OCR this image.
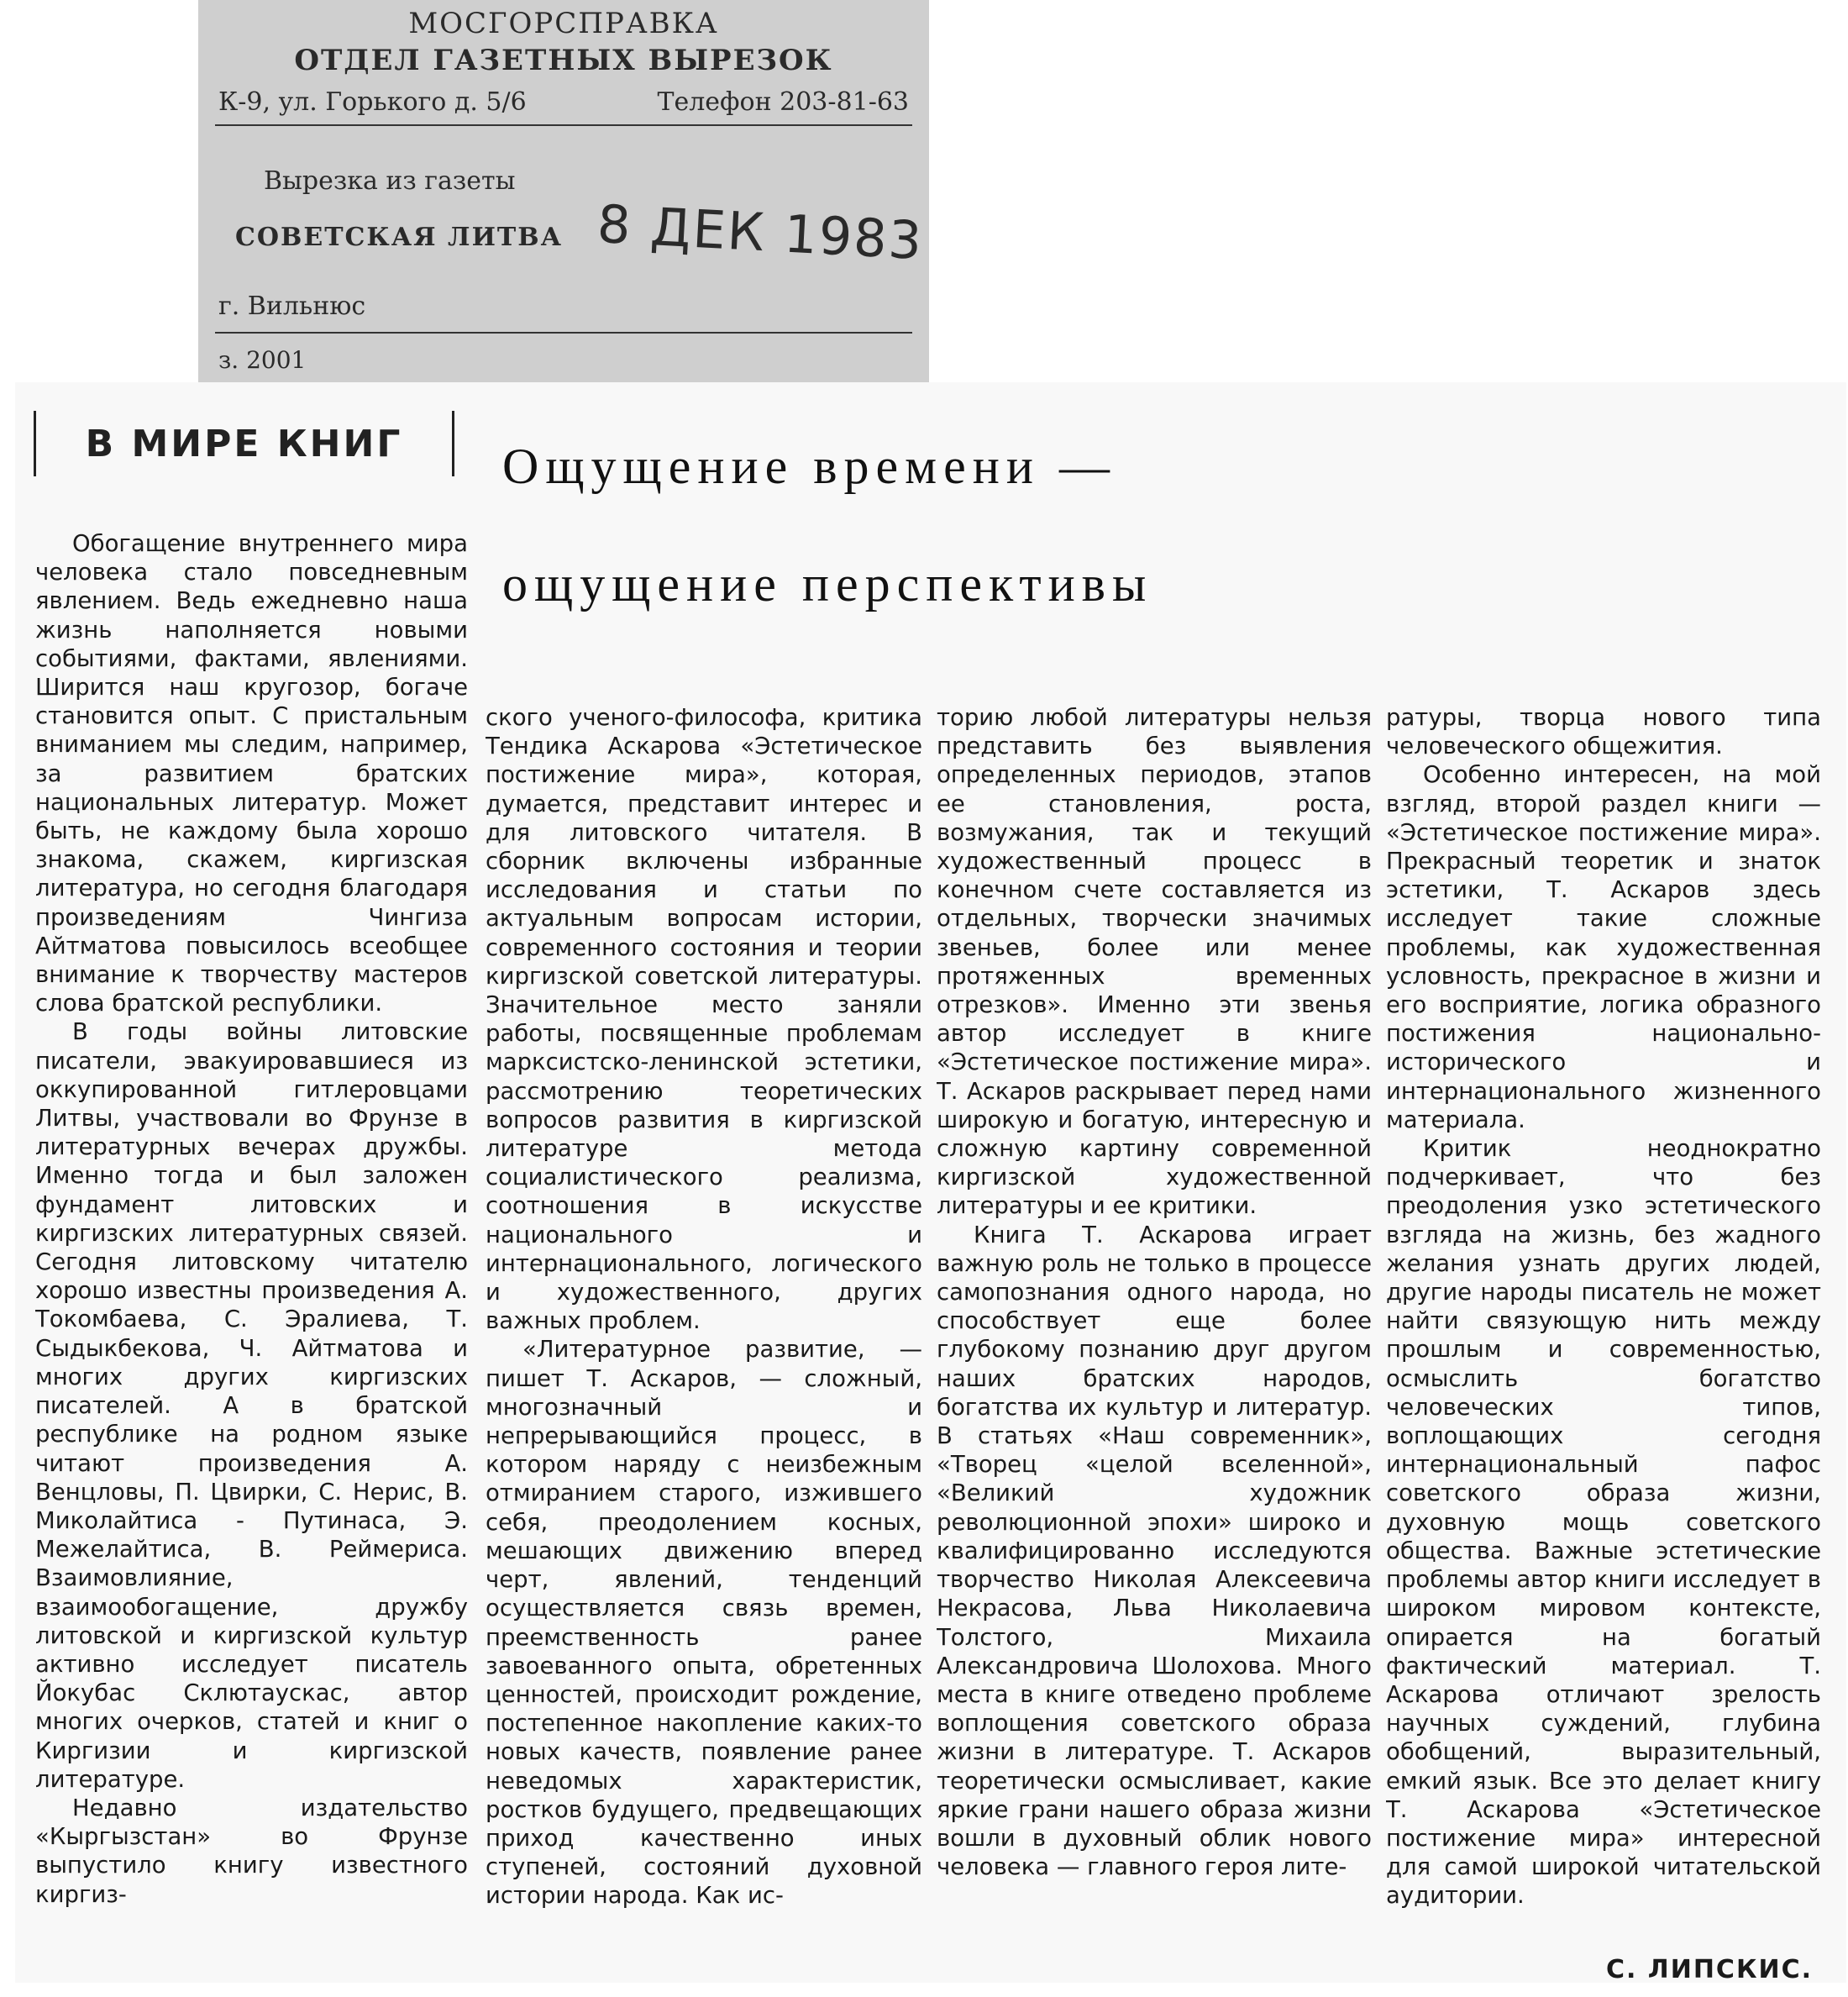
МОСГОРСПРАВКА
ОТДЕЛ ГАЗЕТНЫХ ВЫРЕЗОК
К-9, ул. Горького д. 5/6	Телефон 203-81-63
Вырезка из газеты
СОВЕТСКАЯ ЛИТВА 8 ДЕК 1983
г. Вильнюс
з. 2001
В МИРЕ КНИГ Ощущение времени —
ощущение перспективы

Обогащение внутреннего мира человека стало повседневным явлением. Ведь ежедневно наша жизнь наполняется новыми событиями, фактами, явлениями. Ширится наш кругозор, богаче становится опыт. С пристальным вниманием мы следим, например, за развитием братских национальных литератур. Может быть, не каждому была хорошо знакома, скажем, киргизская литература, но сегодня благодаря произведениям Чингиза Айтматова повысилось всеобщее внимание к творчеству мастеров слова братской республики.

В годы войны литовские писатели, эвакуировавшиеся из оккупированной гитлеровцами Литвы, участвовали во Фрунзе в литературных вечерах дружбы. Именно тогда и был заложен фундамент литовских и киргизских литературных связей. Сегодня литовскому читателю хорошо известны произведения А. Токомбаева, С. Эралиева, Т. Сыдыкбекова, Ч. Айтматова и многих других киргизских писателей. А в братской республике на родном языке читают произведения А. Венцловы, П. Цвирки, С. Нерис, В. Миколайтиса - Путинаса, Э. Межелайтиса, В. Реймериса. Взаимовлияние, взаимообогащение, дружбу литовской и киргизской культур активно исследует писатель Йокубас Склютаускас, автор многих очерков, статей и книг о Киргизии и киргизской литературе.

Недавно издательство «Кыргызстан» во Фрунзе выпустило книгу известного киргиз-

ского ученого-философа, критика Тендика Аскарова «Эстетическое постижение мира», которая, думается, представит интерес и для литовского читателя. В сборник включены избранные исследования и статьи по актуальным вопросам истории, современного состояния и теории киргизской советской литературы. Значительное место заняли работы, посвященные проблемам марксистско-ленинской эстетики, рассмотрению теоретических вопросов развития в киргизской литературе метода социалистического реализма, соотношения в искусстве национального и интернационального, логического и художественного, других важных проблем.

«Литературное развитие, — пишет Т. Аскаров, — сложный, многозначный и непрерывающийся процесс, в котором наряду с неизбежным отмиранием старого, изжившего себя, преодолением косных, мешающих движению вперед черт, явлений, тенденций осуществляется связь времен, преемственность ранее завоеванного опыта, обретенных ценностей, происходит рождение, постепенное накопление каких-то новых качеств, появление ранее неведомых характеристик, ростков будущего, предвещающих приход качественно иных ступеней, состояний духовной истории народа. Как ис-

торию любой литературы нельзя представить без выявления определенных периодов, этапов ее становления, роста, возмужания, так и текущий художественный процесс в конечном счете составляется из отдельных, творчески значимых звеньев, более или менее протяженных временных отрезков». Именно эти звенья автор исследует в книге «Эстетическое постижение мира». Т. Аскаров раскрывает перед нами широкую и богатую, интересную и сложную картину современной киргизской художественной литературы и ее критики.

Книга Т. Аскарова играет важную роль не только в процессе самопознания одного народа, но способствует еще более глубокому познанию друг другом наших братских народов, богатства их культур и литератур. В статьях «Наш современник», «Творец «целой вселенной», «Великий художник революционной эпохи» широко и квалифицированно исследуются творчество Николая Алексеевича Некрасова, Льва Николаевича Толстого, Михаила Александровича Шолохова. Много места в книге отведено проблеме воплощения советского образа жизни в литературе. Т. Аскаров теоретически осмысливает, какие яркие грани нашего образа жизни вошли в духовный облик нового человека — главного героя лите-

ратуры, творца нового типа человеческого общежития.

Особенно интересен, на мой взгляд, второй раздел книги — «Эстетическое постижение мира». Прекрасный теоретик и знаток эстетики, Т. Аскаров здесь исследует такие сложные проблемы, как художественная условность, прекрасное в жизни и его восприятие, логика образного постижения национально-исторического и интернационального жизненного материала.

Критик неоднократно подчеркивает, что без преодоления узко эстетического взгляда на жизнь, без жадного желания узнать других людей, другие народы писатель не может найти связующую нить между прошлым и современностью, осмыслить богатство человеческих типов, воплощающих сегодня интернациональный пафос советского образа жизни, духовную мощь советского общества. Важные эстетические проблемы автор книги исследует в широком мировом контексте, опирается на богатый фактический материал. Т. Аскарова отличают зрелость научных суждений, глубина обобщений, выразительный, емкий язык. Все это делает книгу Т. Аскарова «Эстетическое постижение мира» интересной для самой широкой читательской аудитории.

С. ЛИПСКИС.
